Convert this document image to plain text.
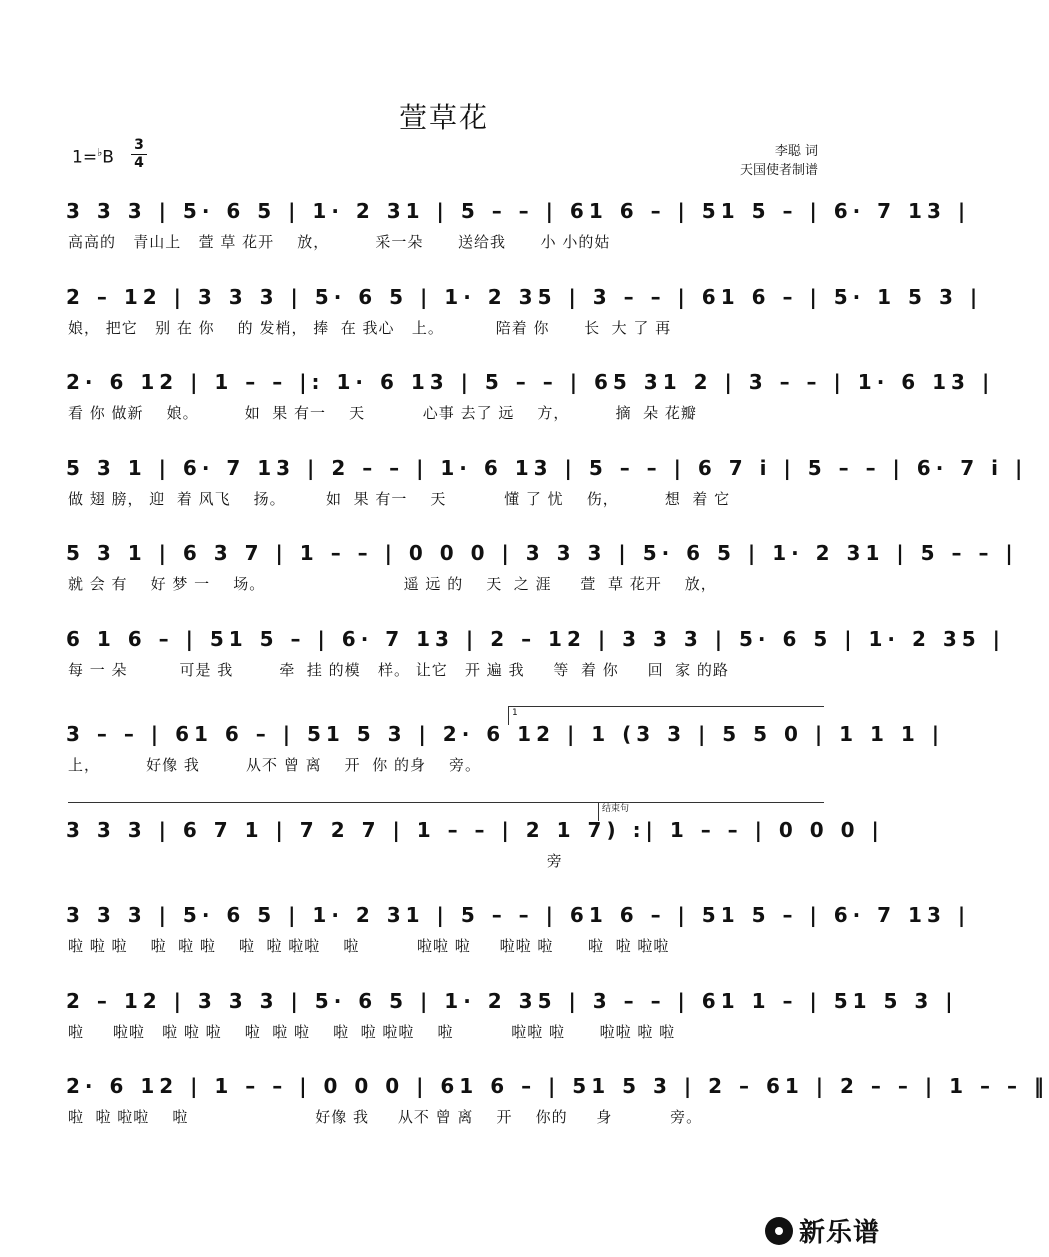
萱草花
1=♭B
3
4
李聪 词
天国使者制谱
3 3 3 | 5· 6 5 | 1· 2 31 | 5 – – | 61 6 – | 51 5 – | 6· 7 13 |
高高的   青山上   萱 草 花开    放，        采一朵      送给我      小 小的姑
2 – 12 | 3 3 3 | 5· 6 5 | 1· 2 35 | 3 – – | 61 6 – | 5· 1 5 3 |
娘， 把它   别 在 你    的 发梢， 捧  在 我心   上。         陪着 你      长  大 了 再
2· 6 12 | 1 – – |: 1· 6 13 | 5 – – | 65 31 2 | 3 – – | 1· 6 13 |
看 你 做新    娘。        如  果 有一    天          心事 去了 远    方，        摘  朵 花瓣
5 3 1 | 6· 7 13 | 2 – – | 1· 6 13 | 5 – – | 6 7 i | 5 – – | 6· 7 i |
做 翅 膀， 迎  着 风飞    扬。       如  果 有一    天          懂 了 忧    伤，        想  着 它
5 3 1 | 6 3 7 | 1 – – | 0 0 0 | 3 3 3 | 5· 6 5 | 1· 2 31 | 5 – – |
就 会 有    好 梦 一    场。                        遥 远 的    天  之 涯     萱  草 花开    放，
6 1 6 – | 51 5 – | 6· 7 13 | 2 – 12 | 3 3 3 | 5· 6 5 | 1· 2 35 |
每 一 朵         可是 我        牵  挂 的模   样。 让它   开 遍 我     等  着 你     回  家 的路
1
3 – – | 61 6 – | 51 5 3 | 2· 6 12 | 1 (3 3 | 5 5 0 | 1 1 1 |
上，        好像 我        从不 曾 离    开  你 的身    旁。
结束句
3 3 3 | 6 7 1 | 7 2 7 | 1 – – | 2 1 7) :| 1 – – | 0 0 0 |
旁
3 3 3 | 5· 6 5 | 1· 2 31 | 5 – – | 61 6 – | 51 5 – | 6· 7 13 |
啦 啦 啦    啦  啦 啦    啦  啦 啦啦    啦          啦啦 啦     啦啦 啦      啦  啦 啦啦
2 – 12 | 3 3 3 | 5· 6 5 | 1· 2 35 | 3 – – | 61 1 – | 51 5 3 |
啦     啦啦   啦 啦 啦    啦  啦 啦    啦  啦 啦啦    啦          啦啦 啦      啦啦 啦 啦
2· 6 12 | 1 – – | 0 0 0 | 61 6 – | 51 5 3 | 2 – 61 | 2 – – | 1 – – ‖
啦  啦 啦啦    啦                      好像 我     从不 曾 离    开    你的     身          旁。
新乐谱
